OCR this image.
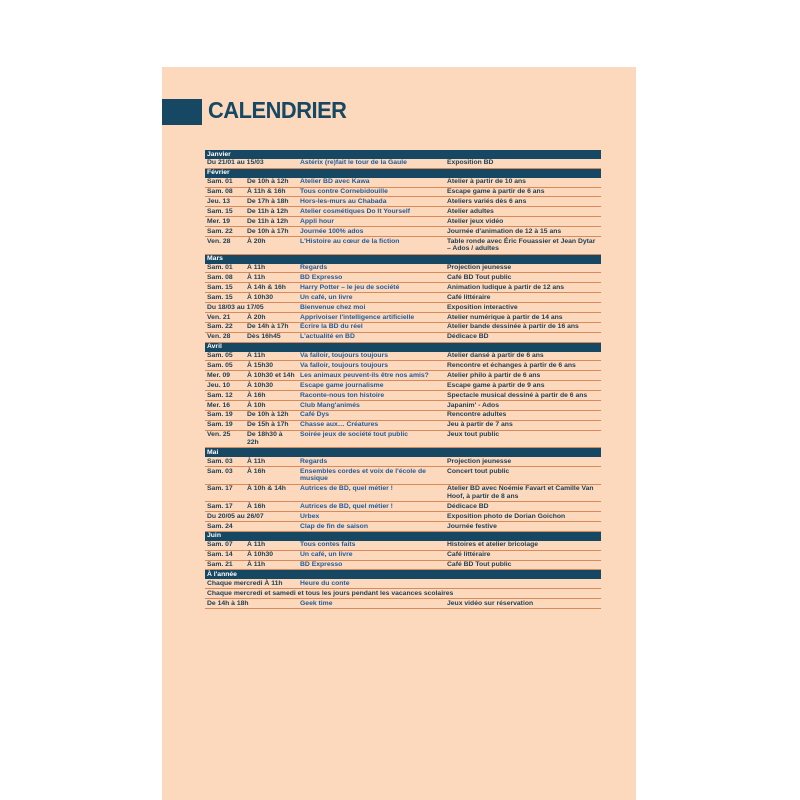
CALENDRIER
Janvier			
Du 21/01 au 15/03		Astérix (re)fait le tour de la Gaule	Exposition BD
Février			
Sam. 01	De 10h à 12h	Atelier BD avec Kawa	Atelier à partir de 10 ans
Sam. 08	À 11h & 16h	Tous contre Cornebidouille	Escape game à partir de 6 ans
Jeu. 13	De 17h à 18h	Hors-les-murs au Chabada	Ateliers variés dès 6 ans
Sam. 15	De 11h à 12h	Atelier cosmétiques Do It Yourself	Atelier adultes
Mer. 19	De 11h à 12h	Appli hour	Atelier jeux vidéo
Sam. 22	De 10h à 17h	Journée 100% ados	Journée d'animation de 12 à 15 ans
Ven. 28	À 20h	L'Histoire au cœur de la fiction	Table ronde avec Éric Fouassier et Jean Dytar – Ados / adultes
Mars			
Sam. 01	À 11h	Regards	Projection jeunesse
Sam. 08	À 11h	BD Expresso	Café BD Tout public
Sam. 15	À 14h & 16h	Harry Potter – le jeu de société	Animation ludique à partir de 12 ans
Sam. 15	À 10h30	Un café, un livre	Café littéraire
Du 18/03 au 17/05		Bienvenue chez moi	Exposition interactive
Ven. 21	À 20h	Apprivoiser l'intelligence artificielle	Atelier numérique à partir de 14 ans
Sam. 22	De 14h à 17h	Écrire la BD du réel	Atelier bande dessinée à partir de 16 ans
Ven. 28	Dès 16h45	L'actualité en BD	Dédicace BD
Avril			
Sam. 05	À 11h	Va falloir, toujours toujours	Atelier dansé à partir de 6 ans
Sam. 05	À 15h30	Va falloir, toujours toujours	Rencontre et échanges à partir de 6 ans
Mer. 09	À 10h30 et 14h	Les animaux peuvent-ils être nos amis?	Atelier philo à partir de 6 ans
Jeu. 10	À 10h30	Escape game journalisme	Escape game à partir de 9 ans
Sam. 12	À 16h	Raconte-nous ton histoire	Spectacle musical dessiné à partir de 6 ans
Mer. 16	À 10h	Club Mang'animés	Japanim' - Ados
Sam. 19	De 10h à 12h	Café Dys	Rencontre adultes
Sam. 19	De 15h à 17h	Chasse aux… Créatures	Jeu à partir de 7 ans
Ven. 25	De 18h30 à 22h	Soirée jeux de société tout public	Jeux tout public
Mai			
Sam. 03	À 11h	Regards	Projection jeunesse
Sam. 03	À 16h	Ensembles cordes et voix de l'école de musique	Concert tout public
Sam. 17	À 10h & 14h	Autrices de BD, quel métier !	Atelier BD avec Noémie Favart et Camille Van Hoof, à partir de 8 ans
Sam. 17	À 16h	Autrices de BD, quel métier !	Dédicace BD
Du 20/05 au 26/07		Urbex	Exposition photo de Dorian Goichon
Sam. 24		Clap de fin de saison	Journée festive
Juin			
Sam. 07	À 11h	Tous contes faits	Histoires et atelier bricolage
Sam. 14	À 10h30	Un café, un livre	Café littéraire
Sam. 21	À 11h	BD Expresso	Café BD Tout public
À l'année			
Chaque mercredi À 11h		Heure du conte	
Chaque mercredi et samedi et tous les jours pendant les vacances scolaires			
De 14h à 18h		Geek time	Jeux vidéo sur réservation
